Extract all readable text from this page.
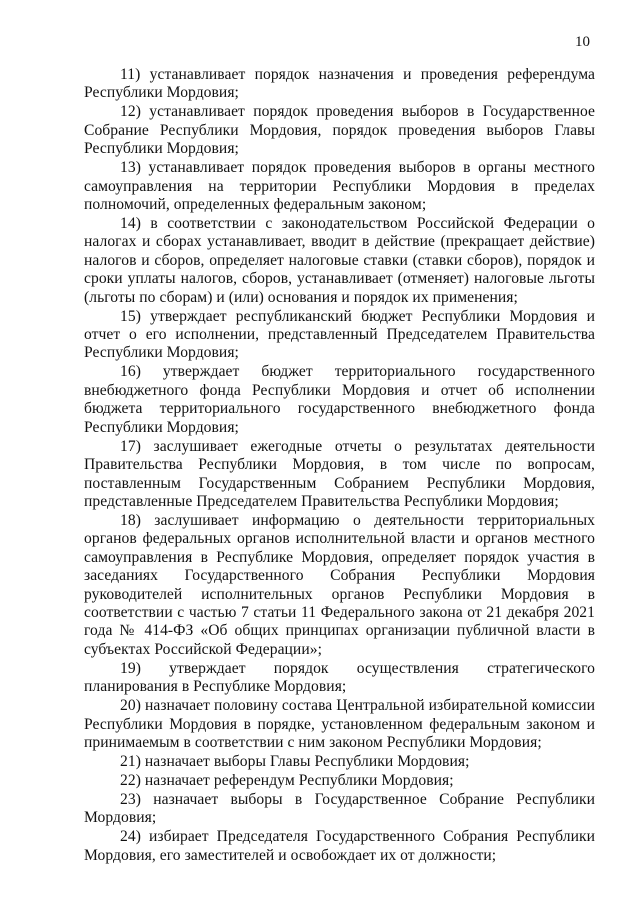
10

11) устанавливает порядок назначения и проведения референдума Республики Мордовия;

12) устанавливает порядок проведения выборов в Государственное Собрание Республики Мордовия, порядок проведения выборов Главы Республики Мордовия;

13) устанавливает порядок проведения выборов в органы местного самоуправления на территории Республики Мордовия в пределах полномочий, определенных федеральным законом;

14) в соответствии с законодательством Российской Федерации о налогах и сборах устанавливает, вводит в действие (прекращает действие) налогов и сборов, определяет налоговые ставки (ставки сборов), порядок и сроки уплаты налогов, сборов, устанавливает (отменяет) налоговые льготы (льготы по сборам) и (или) основания и порядок их применения;

15) утверждает республиканский бюджет Республики Мордовия и отчет о его исполнении, представленный Председателем Правительства Республики Мордовия;

16) утверждает бюджет территориального государственного внебюджетного фонда Республики Мордовия и отчет об исполнении бюджета территориального государственного внебюджетного фонда Республики Мордовия;

17) заслушивает ежегодные отчеты о результатах деятельности Правительства Республики Мордовия, в том числе по вопросам, поставленным Государственным Собранием Республики Мордовия, представленные Председателем Правительства Республики Мордовия;

18) заслушивает информацию о деятельности территориальных органов федеральных органов исполнительной власти и органов местного самоуправления в Республике Мордовия, определяет порядок участия в заседаниях Государственного Собрания Республики Мордовия руководителей исполнительных органов Республики Мордовия в соответствии с частью 7 статьи 11 Федерального закона от 21 декабря 2021 года № 414-ФЗ «Об общих принципах организации публичной власти в субъектах Российской Федерации»;

19) утверждает порядок осуществления стратегического планирования в Республике Мордовия;

20) назначает половину состава Центральной избирательной комиссии Республики Мордовия в порядке, установленном федеральным законом и принимаемым в соответствии с ним законом Республики Мордовия;

21) назначает выборы Главы Республики Мордовия;

22) назначает референдум Республики Мордовия;

23) назначает выборы в Государственное Собрание Республики Мордовия;

24) избирает Председателя Государственного Собрания Республики Мордовия, его заместителей и освобождает их от должности;
